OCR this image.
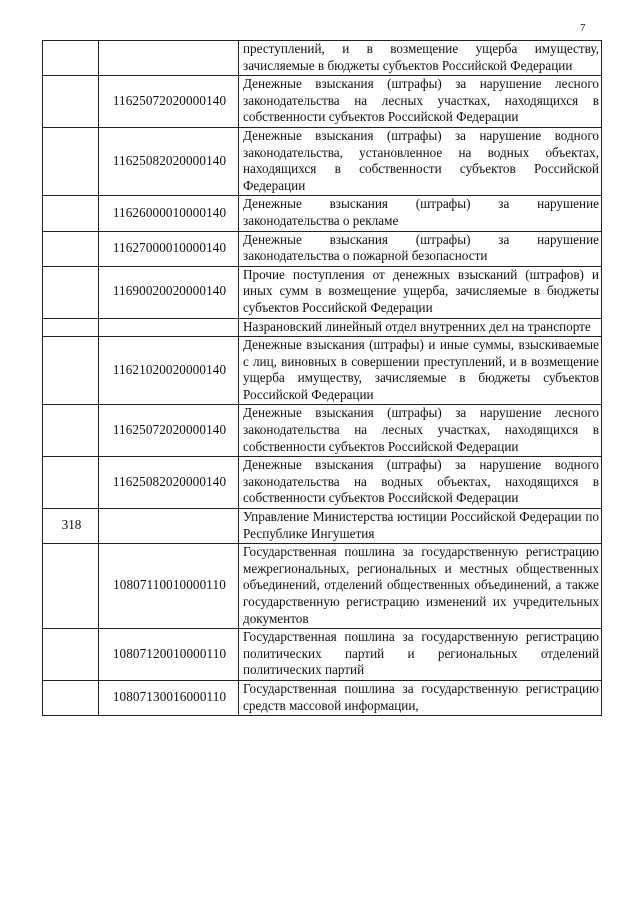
7
		преступлений, и в возмещение ущерба имуществу, зачисляемые в бюджеты субъектов Российской Федерации
	11625072020000140	Денежные взыскания (штрафы) за нарушение лесного законодательства на лесных участках, находящихся в собственности субъектов Российской Федерации
	11625082020000140	Денежные взыскания (штрафы) за нарушение водного законодательства, установленное на водных объектах, находящихся в собственности субъектов Российской Федерации
	11626000010000140	Денежные взыскания (штрафы) за нарушение законодательства о рекламе
	11627000010000140	Денежные взыскания (штрафы) за нарушение законодательства о пожарной безопасности
	11690020020000140	Прочие поступления от денежных взысканий (штрафов) и иных сумм в возмещение ущерба, зачисляемые в бюджеты субъектов Российской Федерации
		Назрановский линейный отдел внутренних дел на транспорте
	11621020020000140	Денежные взыскания (штрафы) и иные суммы, взыскиваемые с лиц, виновных в совершении преступлений, и в возмещение ущерба имуществу, зачисляемые в бюджеты субъектов Российской Федерации
	11625072020000140	Денежные взыскания (штрафы) за нарушение лесного законодательства на лесных участках, находящихся в собственности субъектов Российской Федерации
	11625082020000140	Денежные взыскания (штрафы) за нарушение водного законодательства на водных объектах, находящихся в собственности субъектов Российской Федерации
318		Управление Министерства юстиции Российской Федерации по Республике Ингушетия
	10807110010000110	Государственная пошлина за государственную регистрацию межрегиональных, региональных и местных общественных объединений, отделений общественных объединений, а также государственную регистрацию изменений их учредительных документов
	10807120010000110	Государственная пошлина за государственную регистрацию политических партий и региональных отделений политических партий
	10807130016000110	Государственная пошлина за государственную регистрацию средств массовой информации,
